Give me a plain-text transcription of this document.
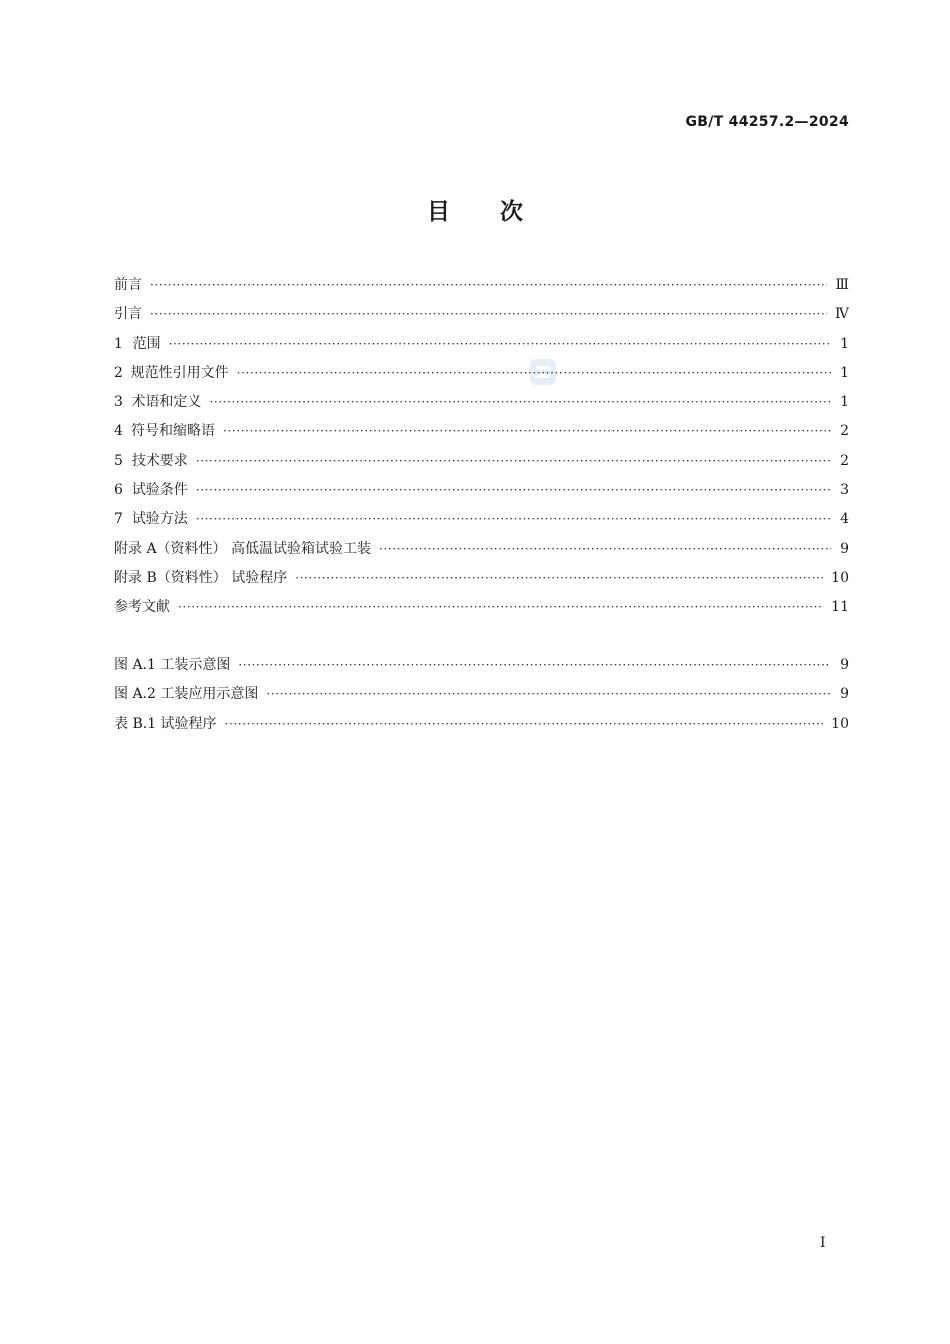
GB/T 44257.2—2024
目次
前言 ·····	Ⅲ
引言 ·····	Ⅳ
1 范围 ·····	1
2 规范性引用文件 ·····	1
3 术语和定义 ·····	1
4 符号和缩略语 ·····	2
5 技术要求 ·····	2
6 试验条件 ·····	3
7 试验方法 ·····	4
附录 A（资料性） 高低温试验箱试验工装 ·····	9
附录 B（资料性） 试验程序 ·····	10
参考文献 ·····	11
图 A.1 工装示意图 ·····	9
图 A.2 工装应用示意图 ·····	9
表 B.1 试验程序 ·····	10
I
